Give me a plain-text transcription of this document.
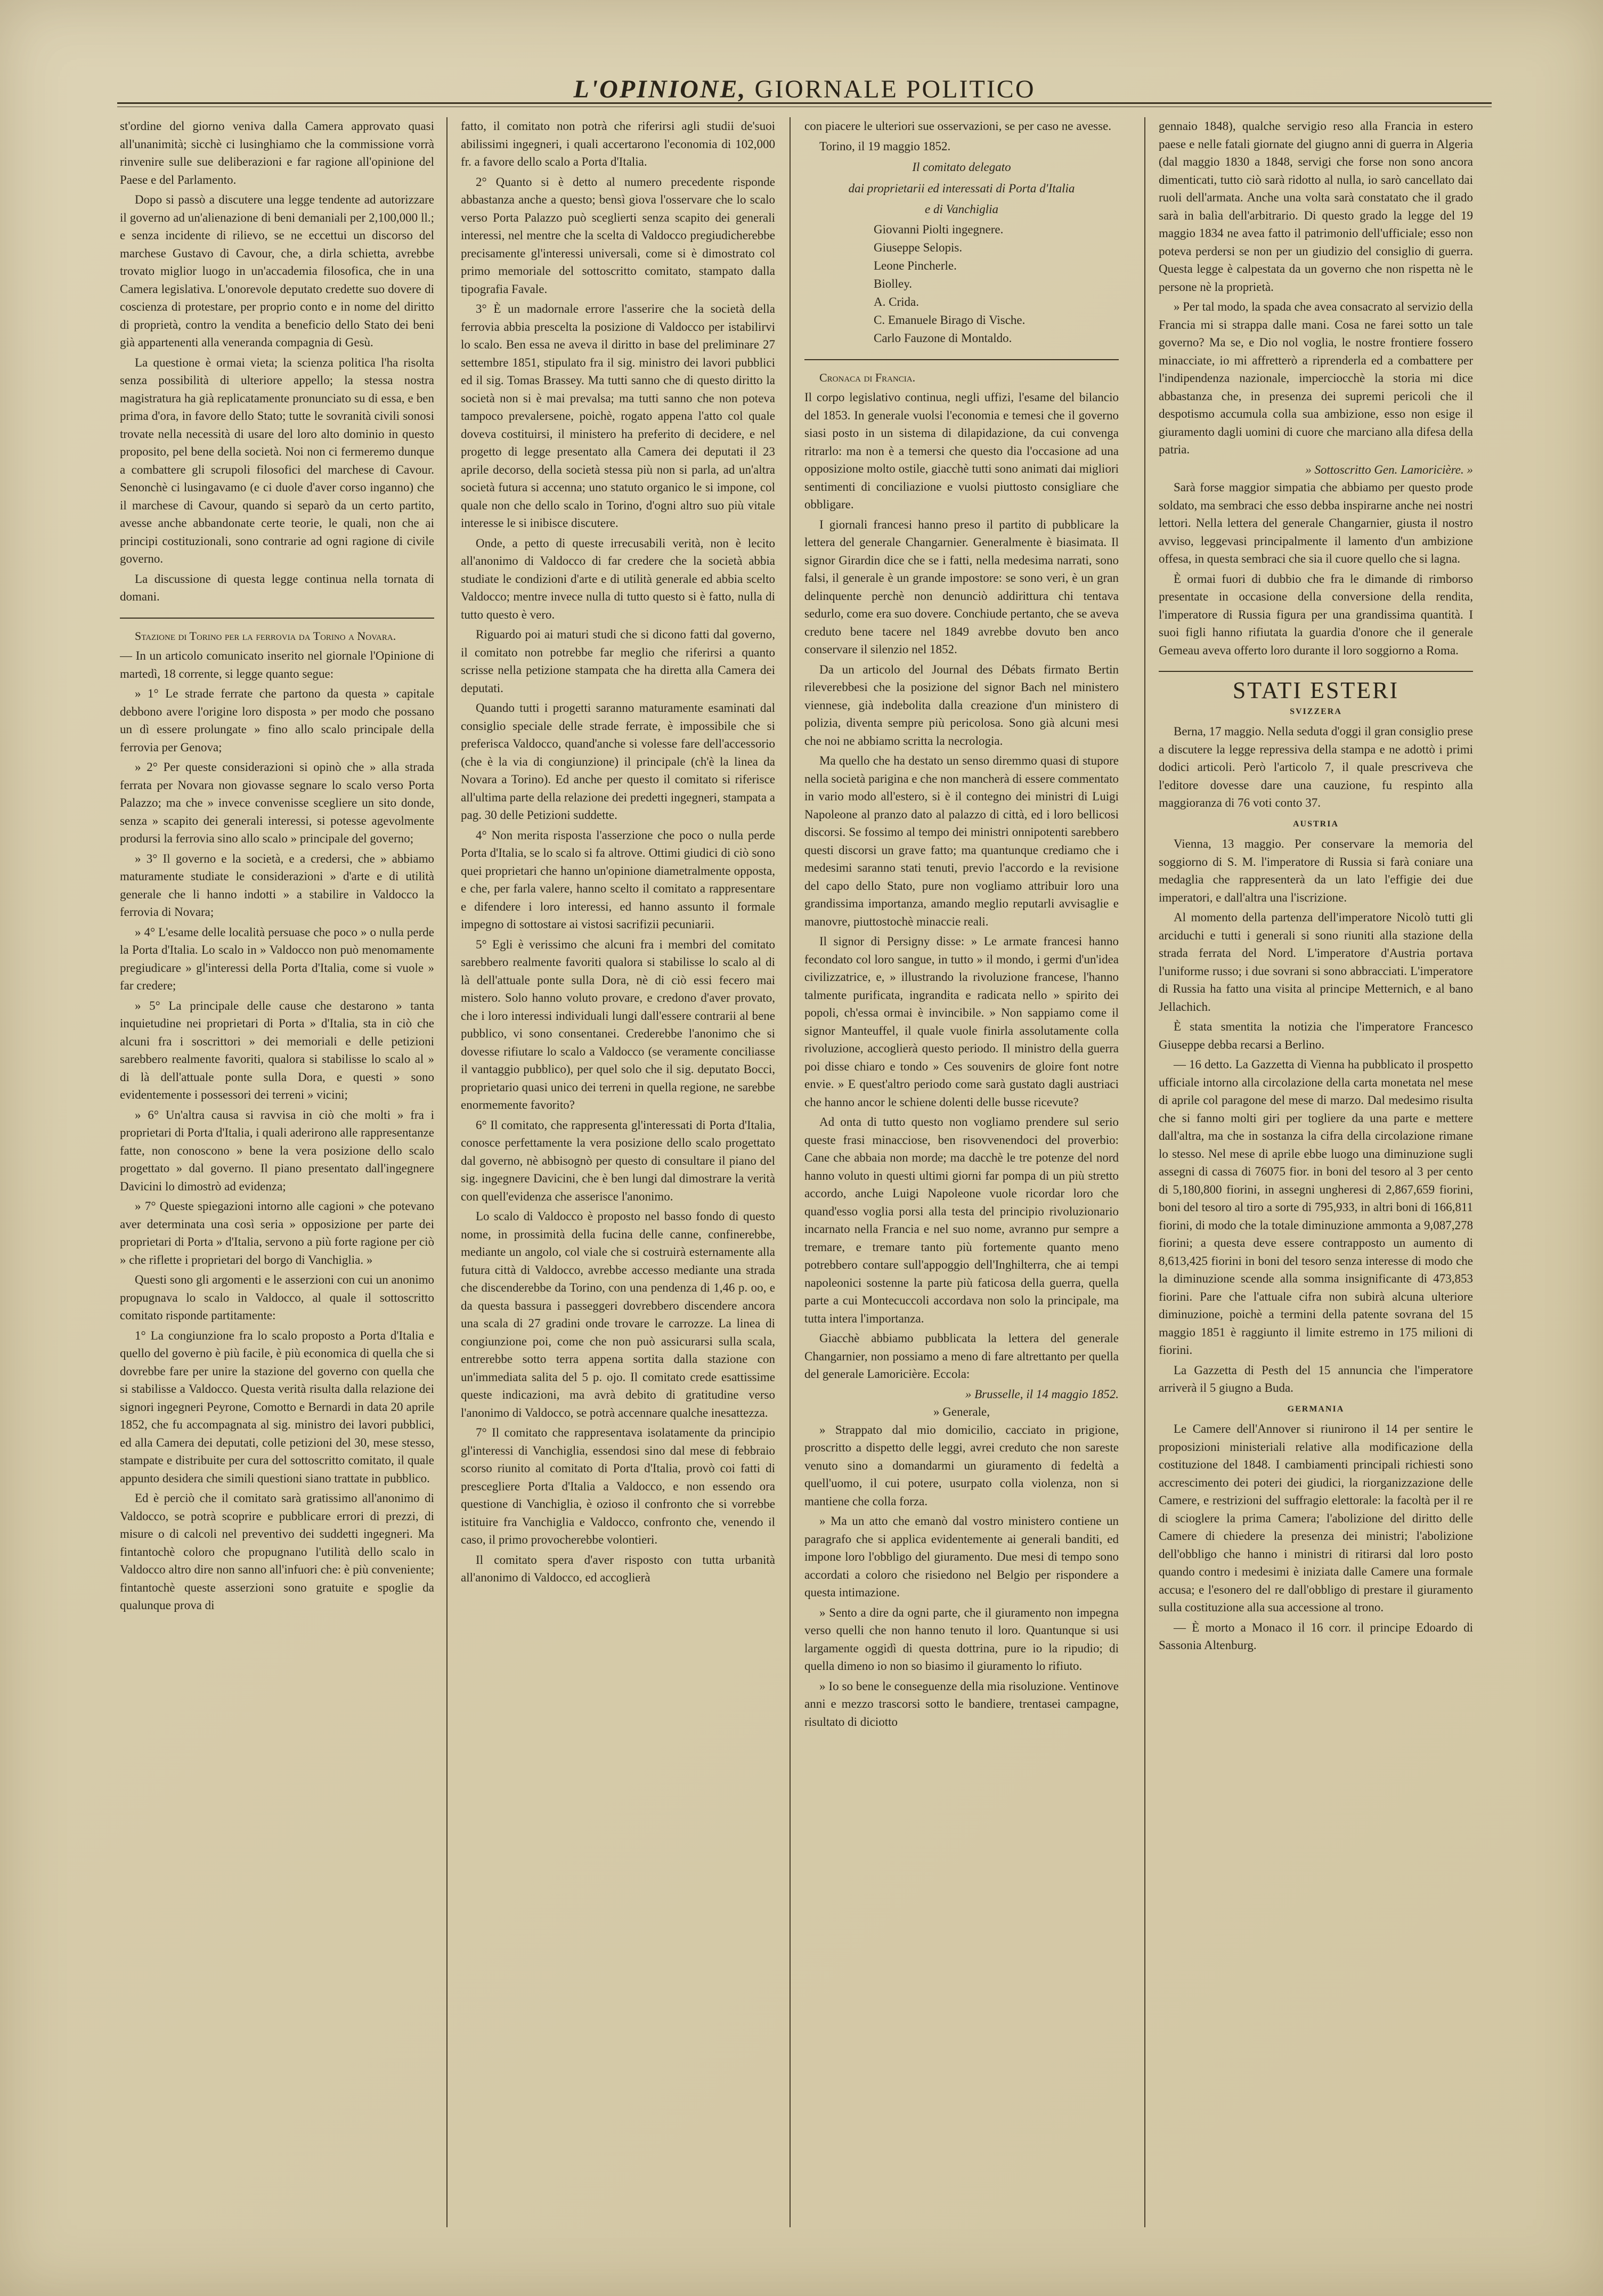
L'OPINIONE, GIORNALE POLITICO

st'ordine del giorno veniva dalla Camera approvato quasi all'unanimità; sicchè ci lusinghiamo che la commissione vorrà rinvenire sulle sue deliberazioni e far ragione all'opinione del Paese e del Parlamento.

Dopo si passò a discutere una legge tendente ad autorizzare il governo ad un'alienazione di beni demaniali per 2,100,000 ll.; e senza incidente di rilievo, se ne eccettui un discorso del marchese Gustavo di Cavour, che, a dirla schietta, avrebbe trovato miglior luogo in un'accademia filosofica, che in una Camera legislativa. L'onorevole deputato credette suo dovere di coscienza di protestare, per proprio conto e in nome del diritto di proprietà, contro la vendita a beneficio dello Stato dei beni già appartenenti alla veneranda compagnia di Gesù.

La questione è ormai vieta; la scienza politica l'ha risolta senza possibilità di ulteriore appello; la stessa nostra magistratura ha già replicatamente pronunciato su di essa, e ben prima d'ora, in favore dello Stato; tutte le sovranità civili sonosi trovate nella necessità di usare del loro alto dominio in questo proposito, pel bene della società. Noi non ci fermeremo dunque a combattere gli scrupoli filosofici del marchese di Cavour. Senonchè ci lusingavamo (e ci duole d'aver corso inganno) che il marchese di Cavour, quando si separò da un certo partito, avesse anche abbandonate certe teorie, le quali, non che ai principi costituzionali, sono contrarie ad ogni ragione di civile governo.

La discussione di questa legge continua nella tornata di domani.

Stazione di Torino per la ferrovia da Torino a Novara.

— In un articolo comunicato inserito nel giornale l'Opinione di martedì, 18 corrente, si legge quanto segue:

» 1° Le strade ferrate che partono da questa » capitale debbono avere l'origine loro disposta » per modo che possano un dì essere prolungate » fino allo scalo principale della ferrovia per Genova;

» 2° Per queste considerazioni si opinò che » alla strada ferrata per Novara non giovasse segnare lo scalo verso Porta Palazzo; ma che » invece convenisse scegliere un sito donde, senza » scapito dei generali interessi, si potesse agevolmente prodursi la ferrovia sino allo scalo » principale del governo;

» 3° Il governo e la società, e a credersi, che » abbiamo maturamente studiate le considerazioni » d'arte e di utilità generale che li hanno indotti » a stabilire in Valdocco la ferrovia di Novara;

» 4° L'esame delle località persuase che poco » o nulla perde la Porta d'Italia. Lo scalo in » Valdocco non può menomamente pregiudicare » gl'interessi della Porta d'Italia, come si vuole » far credere;

» 5° La principale delle cause che destarono » tanta inquietudine nei proprietari di Porta » d'Italia, sta in ciò che alcuni fra i soscrittori » dei memoriali e delle petizioni sarebbero realmente favoriti, qualora si stabilisse lo scalo al » di là dell'attuale ponte sulla Dora, e questi » sono evidentemente i possessori dei terreni » vicini;

» 6° Un'altra causa si ravvisa in ciò che molti » fra i proprietari di Porta d'Italia, i quali aderirono alle rappresentanze fatte, non conoscono » bene la vera posizione dello scalo progettato » dal governo. Il piano presentato dall'ingegnere Davicini lo dimostrò ad evidenza;

» 7° Queste spiegazioni intorno alle cagioni » che potevano aver determinata una così seria » opposizione per parte dei proprietari di Porta » d'Italia, servono a più forte ragione per ciò » che riflette i proprietari del borgo di Vanchiglia. »

Questi sono gli argomenti e le asserzioni con cui un anonimo propugnava lo scalo in Valdocco, al quale il sottoscritto comitato risponde partitamente:

1° La congiunzione fra lo scalo proposto a Porta d'Italia e quello del governo è più facile, è più economica di quella che si dovrebbe fare per unire la stazione del governo con quella che si stabilisse a Valdocco. Questa verità risulta dalla relazione dei signori ingegneri Peyrone, Comotto e Bernardi in data 20 aprile 1852, che fu accompagnata al sig. ministro dei lavori pubblici, ed alla Camera dei deputati, colle petizioni del 30, mese stesso, stampate e distribuite per cura del sottoscritto comitato, il quale appunto desidera che simili questioni siano trattate in pubblico.

Ed è perciò che il comitato sarà gratissimo all'anonimo di Valdocco, se potrà scoprire e pubblicare errori di prezzi, di misure o di calcoli nel preventivo dei suddetti ingegneri. Ma fintantochè coloro che propugnano l'utilità dello scalo in Valdocco altro dire non sanno all'infuori che: è più conveniente; fintantochè queste asserzioni sono gratuite e spoglie da qualunque prova di

fatto, il comitato non potrà che riferirsi agli studii de'suoi abilissimi ingegneri, i quali accertarono l'economia di 102,000 fr. a favore dello scalo a Porta d'Italia.

2° Quanto si è detto al numero precedente risponde abbastanza anche a questo; bensì giova l'osservare che lo scalo verso Porta Palazzo può sceglierti senza scapito dei generali interessi, nel mentre che la scelta di Valdocco pregiudicherebbe precisamente gl'interessi universali, come si è dimostrato col primo memoriale del sottoscritto comitato, stampato dalla tipografia Favale.

3° È un madornale errore l'asserire che la società della ferrovia abbia prescelta la posizione di Valdocco per istabilirvi lo scalo. Ben essa ne aveva il diritto in base del preliminare 27 settembre 1851, stipulato fra il sig. ministro dei lavori pubblici ed il sig. Tomas Brassey. Ma tutti sanno che di questo diritto la società non si è mai prevalsa; ma tutti sanno che non poteva tampoco prevalersene, poichè, rogato appena l'atto col quale doveva costituirsi, il ministero ha preferito di decidere, e nel progetto di legge presentato alla Camera dei deputati il 23 aprile decorso, della società stessa più non si parla, ad un'altra società futura si accenna; uno statuto organico le si impone, col quale non che dello scalo in Torino, d'ogni altro suo più vitale interesse le si inibisce discutere.

Onde, a petto di queste irrecusabili verità, non è lecito all'anonimo di Valdocco di far credere che la società abbia studiate le condizioni d'arte e di utilità generale ed abbia scelto Valdocco; mentre invece nulla di tutto questo si è fatto, nulla di tutto questo è vero.

Riguardo poi ai maturi studi che si dicono fatti dal governo, il comitato non potrebbe far meglio che riferirsi a quanto scrisse nella petizione stampata che ha diretta alla Camera dei deputati.

Quando tutti i progetti saranno maturamente esaminati dal consiglio speciale delle strade ferrate, è impossibile che si preferisca Valdocco, quand'anche si volesse fare dell'accessorio (che è la via di congiunzione) il principale (ch'è la linea da Novara a Torino). Ed anche per questo il comitato si riferisce all'ultima parte della relazione dei predetti ingegneri, stampata a pag. 30 delle Petizioni suddette.

4° Non merita risposta l'asserzione che poco o nulla perde Porta d'Italia, se lo scalo si fa altrove. Ottimi giudici di ciò sono quei proprietari che hanno un'opinione diametralmente opposta, e che, per farla valere, hanno scelto il comitato a rappresentare e difendere i loro interessi, ed hanno assunto il formale impegno di sottostare ai vistosi sacrifizii pecuniarii.

5° Egli è verissimo che alcuni fra i membri del comitato sarebbero realmente favoriti qualora si stabilisse lo scalo al di là dell'attuale ponte sulla Dora, nè di ciò essi fecero mai mistero. Solo hanno voluto provare, e credono d'aver provato, che i loro interessi individuali lungi dall'essere contrarii al bene pubblico, vi sono consentanei. Crederebbe l'anonimo che si dovesse rifiutare lo scalo a Valdocco (se veramente conciliasse il vantaggio pubblico), per quel solo che il sig. deputato Bocci, proprietario quasi unico dei terreni in quella regione, ne sarebbe enormemente favorito?

6° Il comitato, che rappresenta gl'interessati di Porta d'Italia, conosce perfettamente la vera posizione dello scalo progettato dal governo, nè abbisognò per questo di consultare il piano del sig. ingegnere Davicini, che è ben lungi dal dimostrare la verità con quell'evidenza che asserisce l'anonimo.

Lo scalo di Valdocco è proposto nel basso fondo di questo nome, in prossimità della fucina delle canne, confinerebbe, mediante un angolo, col viale che si costruirà esternamente alla futura città di Valdocco, avrebbe accesso mediante una strada che discenderebbe da Torino, con una pendenza di 1,46 p. oo, e da questa bassura i passeggeri dovrebbero discendere ancora una scala di 27 gradini onde trovare le carrozze. La linea di congiunzione poi, come che non può assicurarsi sulla scala, entrerebbe sotto terra appena sortita dalla stazione con un'immediata salita del 5 p. ojo. Il comitato crede esattissime queste indicazioni, ma avrà debito di gratitudine verso l'anonimo di Valdocco, se potrà accennare qualche inesattezza.

7° Il comitato che rappresentava isolatamente da principio gl'interessi di Vanchiglia, essendosi sino dal mese di febbraio scorso riunito al comitato di Porta d'Italia, provò coi fatti di prescegliere Porta d'Italia a Valdocco, e non essendo ora questione di Vanchiglia, è ozioso il confronto che si vorrebbe istituire fra Vanchiglia e Valdocco, confronto che, venendo il caso, il primo provocherebbe volontieri.

Il comitato spera d'aver risposto con tutta urbanità all'anonimo di Valdocco, ed accoglierà

con piacere le ulteriori sue osservazioni, se per caso ne avesse.

Torino, il 19 maggio 1852.

Il comitato delegato
dai proprietarii ed interessati di Porta d'Italia
e di Vanchiglia
Giovanni Piolti ingegnere.
Giuseppe Selopis.
Leone Pincherle.
Biolley.
A. Crida.
C. Emanuele Birago di Vische.
Carlo Fauzone di Montaldo.
Cronaca di Francia.

Il corpo legislativo continua, negli uffizi, l'esame del bilancio del 1853. In generale vuolsi l'economia e temesi che il governo siasi posto in un sistema di dilapidazione, da cui convenga ritrarlo: ma non è a temersi che questo dia l'occasione ad una opposizione molto ostile, giacchè tutti sono animati dai migliori sentimenti di conciliazione e vuolsi piuttosto consigliare che obbligare.

I giornali francesi hanno preso il partito di pubblicare la lettera del generale Changarnier. Generalmente è biasimata. Il signor Girardin dice che se i fatti, nella medesima narrati, sono falsi, il generale è un grande impostore: se sono veri, è un gran delinquente perchè non denunciò addirittura chi tentava sedurlo, come era suo dovere. Conchiude pertanto, che se aveva creduto bene tacere nel 1849 avrebbe dovuto ben anco conservare il silenzio nel 1852.

Da un articolo del Journal des Débats firmato Bertin rileverebbesi che la posizione del signor Bach nel ministero viennese, già indebolita dalla creazione d'un ministero di polizia, diventa sempre più pericolosa. Sono già alcuni mesi che noi ne abbiamo scritta la necrologia.

Ma quello che ha destato un senso diremmo quasi di stupore nella società parigina e che non mancherà di essere commentato in vario modo all'estero, si è il contegno dei ministri di Luigi Napoleone al pranzo dato al palazzo di città, ed i loro bellicosi discorsi. Se fossimo al tempo dei ministri onnipotenti sarebbero questi discorsi un grave fatto; ma quantunque crediamo che i medesimi saranno stati tenuti, previo l'accordo e la revisione del capo dello Stato, pure non vogliamo attribuir loro una grandissima importanza, amando meglio reputarli avvisaglie e manovre, piuttostochè minaccie reali.

Il signor di Persigny disse: » Le armate francesi hanno fecondato col loro sangue, in tutto » il mondo, i germi d'un'idea civilizzatrice, e, » illustrando la rivoluzione francese, l'hanno talmente purificata, ingrandita e radicata nello » spirito dei popoli, ch'essa ormai è invincibile. » Non sappiamo come il signor Manteuffel, il quale vuole finirla assolutamente colla rivoluzione, accoglierà questo periodo. Il ministro della guerra poi disse chiaro e tondo » Ces souvenirs de gloire font notre envie. » E quest'altro periodo come sarà gustato dagli austriaci che hanno ancor le schiene dolenti delle busse ricevute?

Ad onta di tutto questo non vogliamo prendere sul serio queste frasi minacciose, ben risovvenendoci del proverbio: Cane che abbaia non morde; ma dacchè le tre potenze del nord hanno voluto in questi ultimi giorni far pompa di un più stretto accordo, anche Luigi Napoleone vuole ricordar loro che quand'esso voglia porsi alla testa del principio rivoluzionario incarnato nella Francia e nel suo nome, avranno pur sempre a tremare, e tremare tanto più fortemente quanto meno potrebbero contare sull'appoggio dell'Inghilterra, che ai tempi napoleonici sostenne la parte più faticosa della guerra, quella parte a cui Montecuccoli accordava non solo la principale, ma tutta intera l'importanza.

Giacchè abbiamo pubblicata la lettera del generale Changarnier, non possiamo a meno di fare altrettanto per quella del generale Lamoricière. Eccola:

» Brusselle, il 14 maggio 1852.
» Generale,

» Strappato dal mio domicilio, cacciato in prigione, proscritto a dispetto delle leggi, avrei creduto che non sareste venuto sino a domandarmi un giuramento di fedeltà a quell'uomo, il cui potere, usurpato colla violenza, non si mantiene che colla forza.

» Ma un atto che emanò dal vostro ministero contiene un paragrafo che si applica evidentemente ai generali banditi, ed impone loro l'obbligo del giuramento. Due mesi di tempo sono accordati a coloro che risiedono nel Belgio per rispondere a questa intimazione.

» Sento a dire da ogni parte, che il giuramento non impegna verso quelli che non hanno tenuto il loro. Quantunque si usi largamente oggidì di questa dottrina, pure io la ripudio; di quella dimeno io non so biasimo il giuramento lo rifiuto.

» Io so bene le conseguenze della mia risoluzione. Ventinove anni e mezzo trascorsi sotto le bandiere, trentasei campagne, risultato di diciotto

gennaio 1848), qualche servigio reso alla Francia in estero paese e nelle fatali giornate del giugno anni di guerra in Algeria (dal maggio 1830 a 1848, servigi che forse non sono ancora dimenticati, tutto ciò sarà ridotto al nulla, io sarò cancellato dai ruoli dell'armata. Anche una volta sarà constatato che il grado sarà in balìa dell'arbitrario. Di questo grado la legge del 19 maggio 1834 ne avea fatto il patrimonio dell'ufficiale; esso non poteva perdersi se non per un giudizio del consiglio di guerra. Questa legge è calpestata da un governo che non rispetta nè le persone nè la proprietà.

» Per tal modo, la spada che avea consacrato al servizio della Francia mi si strappa dalle mani. Cosa ne farei sotto un tale governo? Ma se, e Dio nol voglia, le nostre frontiere fossero minacciate, io mi affretterò a riprenderla ed a combattere per l'indipendenza nazionale, imperciocchè la storia mi dice abbastanza che, in presenza dei supremi pericoli che il despotismo accumula colla sua ambizione, esso non esige il giuramento dagli uomini di cuore che marciano alla difesa della patria.

» Sottoscritto Gen. Lamoricière. »

Sarà forse maggior simpatia che abbiamo per questo prode soldato, ma sembraci che esso debba inspirarne anche nei nostri lettori. Nella lettera del generale Changarnier, giusta il nostro avviso, leggevasi principalmente il lamento d'un ambizione offesa, in questa sembraci che sia il cuore quello che si lagna.

È ormai fuori di dubbio che fra le dimande di rimborso presentate in occasione della conversione della rendita, l'imperatore di Russia figura per una grandissima quantità. I suoi figli hanno rifiutata la guardia d'onore che il generale Gemeau aveva offerto loro durante il loro soggiorno a Roma.

STATI ESTERI
SVIZZERA

Berna, 17 maggio. Nella seduta d'oggi il gran consiglio prese a discutere la legge repressiva della stampa e ne adottò i primi dodici articoli. Però l'articolo 7, il quale prescriveva che l'editore dovesse dare una cauzione, fu respinto alla maggioranza di 76 voti conto 37.

AUSTRIA

Vienna, 13 maggio. Per conservare la memoria del soggiorno di S. M. l'imperatore di Russia si farà coniare una medaglia che rappresenterà da un lato l'effigie dei due imperatori, e dall'altra una l'iscrizione.

Al momento della partenza dell'imperatore Nicolò tutti gli arciduchi e tutti i generali si sono riuniti alla stazione della strada ferrata del Nord. L'imperatore d'Austria portava l'uniforme russo; i due sovrani si sono abbracciati. L'imperatore di Russia ha fatto una visita al principe Metternich, e al bano Jellachich.

È stata smentita la notizia che l'imperatore Francesco Giuseppe debba recarsi a Berlino.

— 16 detto. La Gazzetta di Vienna ha pubblicato il prospetto ufficiale intorno alla circolazione della carta monetata nel mese di aprile col paragone del mese di marzo. Dal medesimo risulta che si fanno molti giri per togliere da una parte e mettere dall'altra, ma che in sostanza la cifra della circolazione rimane lo stesso. Nel mese di aprile ebbe luogo una diminuzione sugli assegni di cassa di 76075 fior. in boni del tesoro al 3 per cento di 5,180,800 fiorini, in assegni ungheresi di 2,867,659 fiorini, boni del tesoro al tiro a sorte di 795,933, in altri boni di 166,811 fiorini, di modo che la totale diminuzione ammonta a 9,087,278 fiorini; a questa deve essere contrapposto un aumento di 8,613,425 fiorini in boni del tesoro senza interesse di modo che la diminuzione scende alla somma insignificante di 473,853 fiorini. Pare che l'attuale cifra non subirà alcuna ulteriore diminuzione, poichè a termini della patente sovrana del 15 maggio 1851 è raggiunto il limite estremo in 175 milioni di fiorini.

La Gazzetta di Pesth del 15 annuncia che l'imperatore arriverà il 5 giugno a Buda.

GERMANIA

Le Camere dell'Annover si riunirono il 14 per sentire le proposizioni ministeriali relative alla modificazione della costituzione del 1848. I cambiamenti principali richiesti sono accrescimento dei poteri dei giudici, la riorganizzazione delle Camere, e restrizioni del suffragio elettorale: la facoltà per il re di scioglere la prima Camera; l'abolizione del diritto delle Camere di chiedere la presenza dei ministri; l'abolizione dell'obbligo che hanno i ministri di ritirarsi dal loro posto quando contro i medesimi è iniziata dalle Camere una formale accusa; e l'esonero del re dall'obbligo di prestare il giuramento sulla costituzione alla sua accessione al trono.

— È morto a Monaco il 16 corr. il principe Edoardo di Sassonia Altenburg.
